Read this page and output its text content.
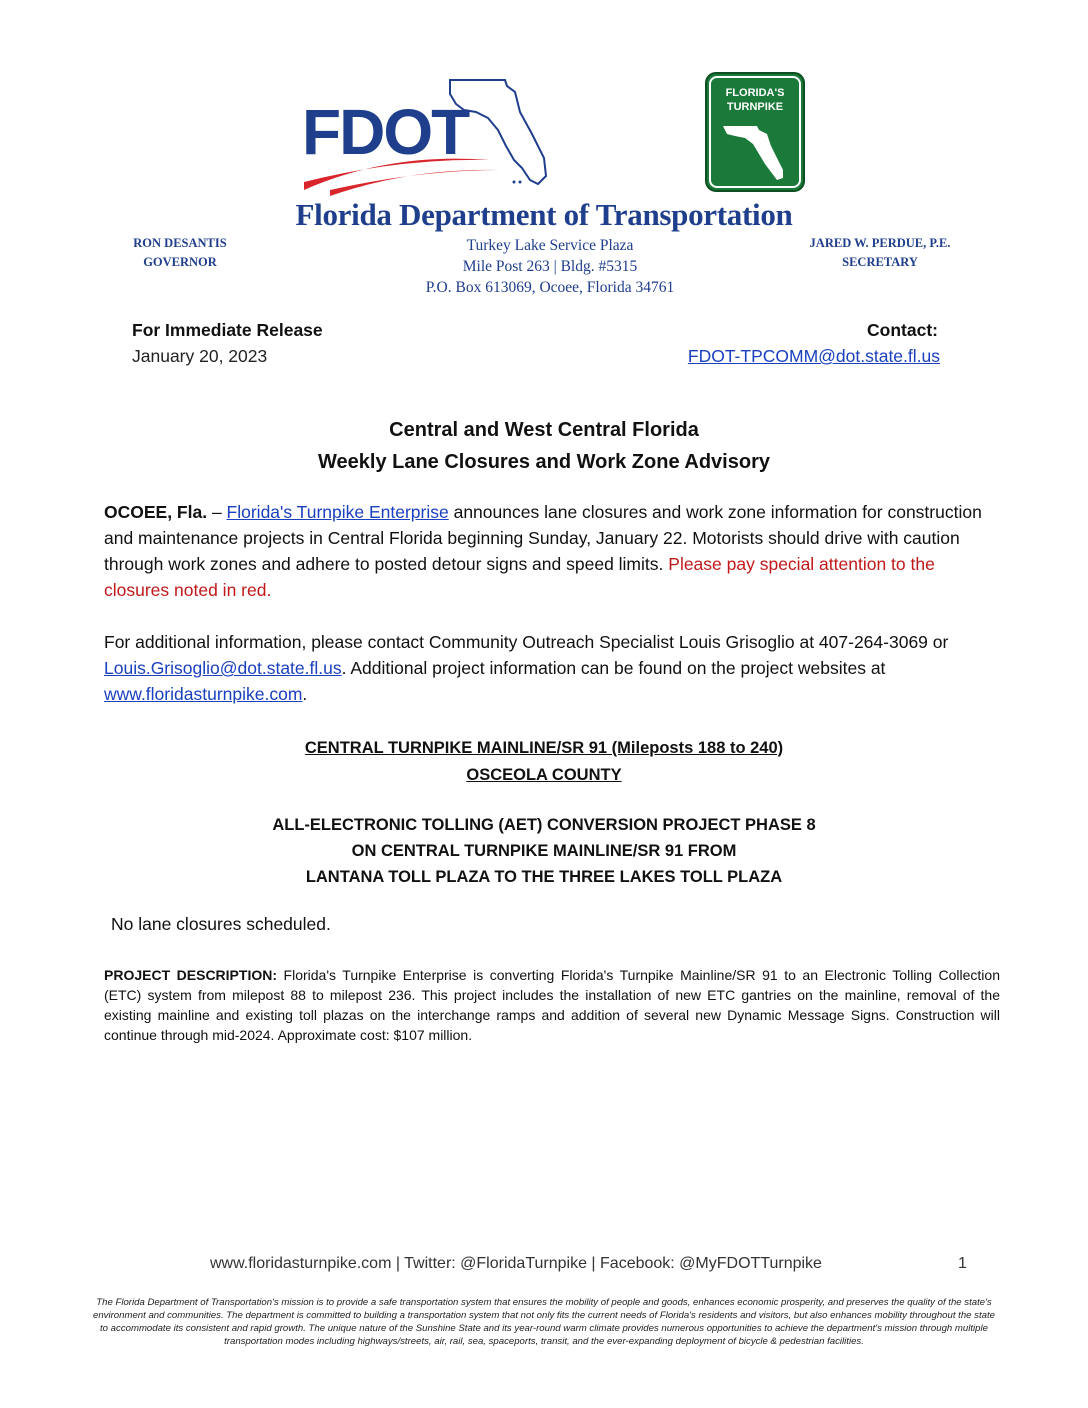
FDOT
FLORIDA'S
TURNPIKE
Florida Department of Transportation
RON DESANTIS
GOVERNOR
Turkey Lake Service Plaza
Mile Post 263 | Bldg. #5315
P.O. Box 613069, Ocoee, Florida 34761
JARED W. PERDUE, P.E.
SECRETARY
For Immediate Release
January 20, 2023
Contact:
FDOT-TPCOMM@dot.state.fl.us
Central and West Central Florida
Weekly Lane Closures and Work Zone Advisory
OCOEE, Fla. – Florida's Turnpike Enterprise announces lane closures and work zone information for construction and maintenance projects in Central Florida beginning Sunday, January 22. Motorists should drive with caution through work zones and adhere to posted detour signs and speed limits. Please pay special attention to the closures noted in red.
For additional information, please contact Community Outreach Specialist Louis Grisoglio at 407-264-3069 or Louis.Grisoglio@dot.state.fl.us. Additional project information can be found on the project websites at www.floridasturnpike.com.
CENTRAL TURNPIKE MAINLINE/SR 91 (Mileposts 188 to 240)
OSCEOLA COUNTY
ALL-ELECTRONIC TOLLING (AET) CONVERSION PROJECT PHASE 8
ON CENTRAL TURNPIKE MAINLINE/SR 91 FROM
LANTANA TOLL PLAZA TO THE THREE LAKES TOLL PLAZA
No lane closures scheduled.
PROJECT DESCRIPTION: Florida's Turnpike Enterprise is converting Florida's Turnpike Mainline/SR 91 to an Electronic Tolling Collection (ETC) system from milepost 88 to milepost 236. This project includes the installation of new ETC gantries on the mainline, removal of the existing mainline and existing toll plazas on the interchange ramps and addition of several new Dynamic Message Signs. Construction will continue through mid-2024. Approximate cost: $107 million.
www.floridasturnpike.com | Twitter: @FloridaTurnpike | Facebook: @MyFDOTTurnpike	1
The Florida Department of Transportation's mission is to provide a safe transportation system that ensures the mobility of people and goods, enhances economic prosperity, and preserves the quality of the state's environment and communities. The department is committed to building a transportation system that not only fits the current needs of Florida's residents and visitors, but also enhances mobility throughout the state to accommodate its consistent and rapid growth. The unique nature of the Sunshine State and its year-round warm climate provides numerous opportunities to achieve the department's mission through multiple transportation modes including highways/streets, air, rail, sea, spaceports, transit, and the ever-expanding deployment of bicycle & pedestrian facilities.
